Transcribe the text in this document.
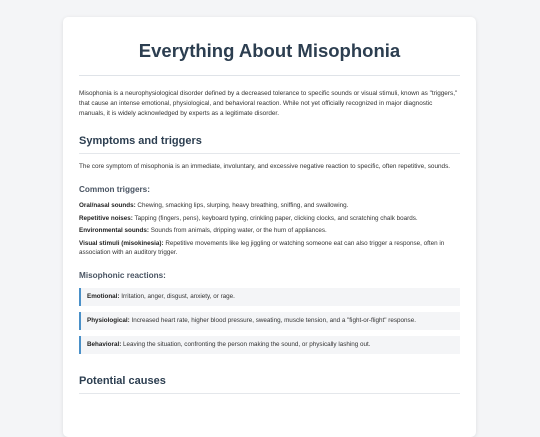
Everything About Misophonia

Misophonia is a neurophysiological disorder defined by a decreased tolerance to specific sounds or visual stimuli, known as "triggers," that cause an intense emotional, physiological, and behavioral reaction. While not yet officially recognized in major diagnostic manuals, it is widely acknowledged by experts as a legitimate disorder.

Symptoms and triggers

The core symptom of misophonia is an immediate, involuntary, and excessive negative reaction to specific, often repetitive, sounds.

Common triggers:

Oral/nasal sounds: Chewing, smacking lips, slurping, heavy breathing, sniffing, and swallowing.

Repetitive noises: Tapping (fingers, pens), keyboard typing, crinkling paper, clicking clocks, and scratching chalk boards.

Environmental sounds: Sounds from animals, dripping water, or the hum of appliances.

Visual stimuli (misokinesia): Repetitive movements like leg jiggling or watching someone eat can also trigger a response, often in association with an auditory trigger.

Misophonic reactions:
Emotional: Irritation, anger, disgust, anxiety, or rage.
Physiological: Increased heart rate, higher blood pressure, sweating, muscle tension, and a "fight-or-flight" response.
Behavioral: Leaving the situation, confronting the person making the sound, or physically lashing out.
Potential causes
